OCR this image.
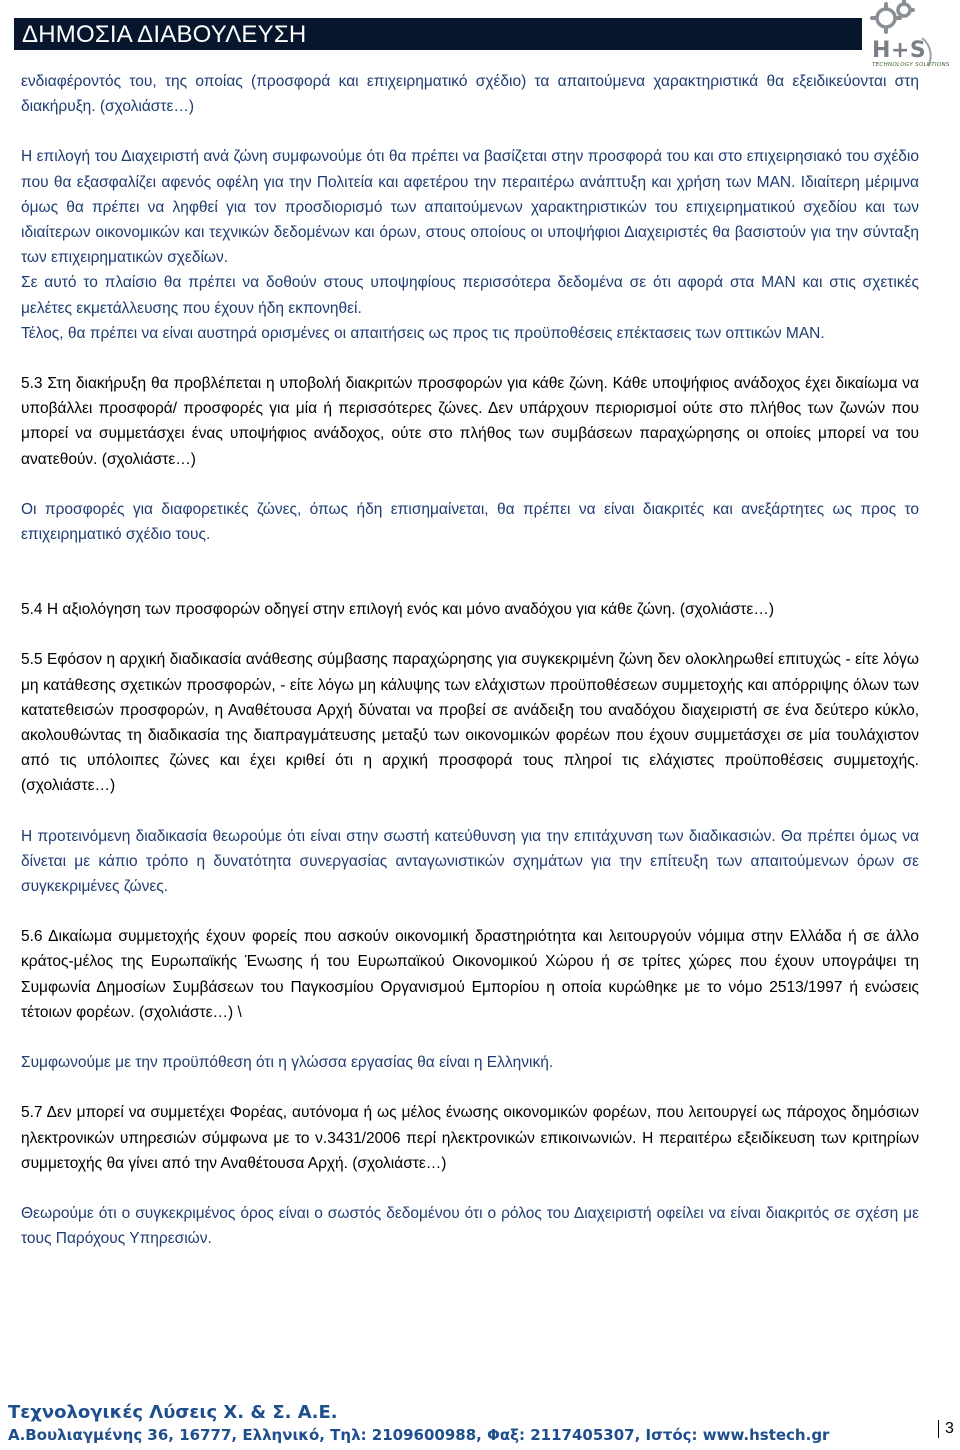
ΔΗΜΟΣΙΑ ΔΙΑΒΟΥΛΕΥΣΗ
H+S
TECHNOLOGY SOLUTIONS

ενδιαφέροντός του, της οποίας (προσφορά και επιχειρηματικό σχέδιο) τα απαιτούμενα χαρακτηριστικά θα εξειδικεύονται στη διακήρυξη. (σχολιάστε…)

Η επιλογή του Διαχειριστή ανά ζώνη συμφωνούμε ότι θα πρέπει να βασίζεται στην προσφορά του και στο επιχειρησιακό του σχέδιο που θα εξασφαλίζει αφενός οφέλη για την Πολιτεία και αφετέρου την περαιτέρω ανάπτυξη και χρήση των ΜΑΝ. Ιδιαίτερη μέριμνα όμως θα πρέπει να ληφθεί για τον προσδιορισμό των απαιτούμενων χαρακτηριστικών του επιχειρηματικού σχεδίου και των ιδιαίτερων οικονομικών και τεχνικών δεδομένων και όρων, στους οποίους οι υποψήφιοι Διαχειριστές θα βασιστούν για την σύνταξη των επιχειρηματικών σχεδίων.

Σε αυτό το πλαίσιο θα πρέπει να δοθούν στους υποψηφίους περισσότερα δεδομένα σε ότι αφορά στα ΜΑΝ και στις σχετικές μελέτες εκμετάλλευσης που έχουν ήδη εκπονηθεί.

Τέλος, θα πρέπει να είναι αυστηρά ορισμένες οι απαιτήσεις ως προς τις προϋποθέσεις επέκτασεις των οπτικών ΜΑΝ.

5.3 Στη διακήρυξη θα προβλέπεται η υποβολή διακριτών προσφορών για κάθε ζώνη. Κάθε υποψήφιος ανάδοχος έχει δικαίωμα να υποβάλλει προσφορά/ προσφορές για μία ή περισσότερες ζώνες. Δεν υπάρχουν περιορισμοί ούτε στο πλήθος των ζωνών που μπορεί να συμμετάσχει ένας υποψήφιος ανάδοχος, ούτε στο πλήθος των συμβάσεων παραχώρησης οι οποίες μπορεί να του ανατεθούν. (σχολιάστε…)

Οι προσφορές για διαφορετικές ζώνες, όπως ήδη επισημαίνεται, θα πρέπει να είναι διακριτές και ανεξάρτητες ως προς το επιχειρηματικό σχέδιο τους.

5.4 Η αξιολόγηση των προσφορών οδηγεί στην επιλογή ενός και μόνο αναδόχου για κάθε ζώνη. (σχολιάστε…)

5.5 Εφόσον η αρχική διαδικασία ανάθεσης σύμβασης παραχώρησης για συγκεκριμένη ζώνη δεν ολοκληρωθεί επιτυχώς - είτε λόγω μη κατάθεσης σχετικών προσφορών, - είτε λόγω μη κάλυψης των ελάχιστων προϋποθέσεων συμμετοχής και απόρριψης όλων των κατατεθεισών προσφορών, η Αναθέτουσα Αρχή δύναται να προβεί σε ανάδειξη του αναδόχου διαχειριστή σε ένα δεύτερο κύκλο, ακολουθώντας τη διαδικασία της διαπραγμάτευσης μεταξύ των οικονομικών φορέων που έχουν συμμετάσχει σε μία τουλάχιστον από τις υπόλοιπες ζώνες και έχει κριθεί ότι η αρχική προσφορά τους πληροί τις ελάχιστες προϋποθέσεις συμμετοχής. (σχολιάστε…)

Η προτεινόμενη διαδικασία θεωρούμε ότι είναι στην σωστή κατεύθυνση για την επιτάχυνση των διαδικασιών. Θα πρέπει όμως να δίνεται με κάπιο τρόπο η δυνατότητα συνεργασίας ανταγωνιστικών σχημάτων για την επίτευξη των απαιτούμενων όρων σε συγκεκριμένες ζώνες.

5.6 Δικαίωμα συμμετοχής έχουν φορείς που ασκούν οικονομική δραστηριότητα και λειτουργούν νόμιμα στην Ελλάδα ή σε άλλο κράτος-μέλος της Ευρωπαϊκής Ένωσης ή του Ευρωπαϊκού Οικονομικού Χώρου ή σε τρίτες χώρες που έχουν υπογράψει τη Συμφωνία Δημοσίων Συμβάσεων του Παγκοσμίου Οργανισμού Εμπορίου η οποία κυρώθηκε με το νόμο 2513/1997 ή ενώσεις τέτοιων φορέων. (σχολιάστε…) \

Συμφωνούμε με την προϋπόθεση ότι η γλώσσα εργασίας θα είναι η Ελληνική.

5.7 Δεν μπορεί να συμμετέχει Φορέας, αυτόνομα ή ως μέλος ένωσης οικονομικών φορέων, που λειτουργεί ως πάροχος δημόσιων ηλεκτρονικών υπηρεσιών σύμφωνα με το ν.3431/2006 περί ηλεκτρονικών επικοινωνιών. Η περαιτέρω εξειδίκευση των κριτηρίων συμμετοχής θα γίνει από την Αναθέτουσα Αρχή. (σχολιάστε…)

Θεωρούμε ότι ο συγκεκριμένος όρος είναι ο σωστός δεδομένου ότι ο ρόλος του Διαχειριστή οφείλει να είναι διακριτός σε σχέση με τους Παρόχους Υπηρεσιών.

Τεχνολογικές Λύσεις Χ. & Σ. Α.Ε.
Α.Βουλιαγμένης 36, 16777, Ελληνικό, Τηλ: 2109600988, Φαξ: 2117405307, Ιστός: www.hstech.gr	3
